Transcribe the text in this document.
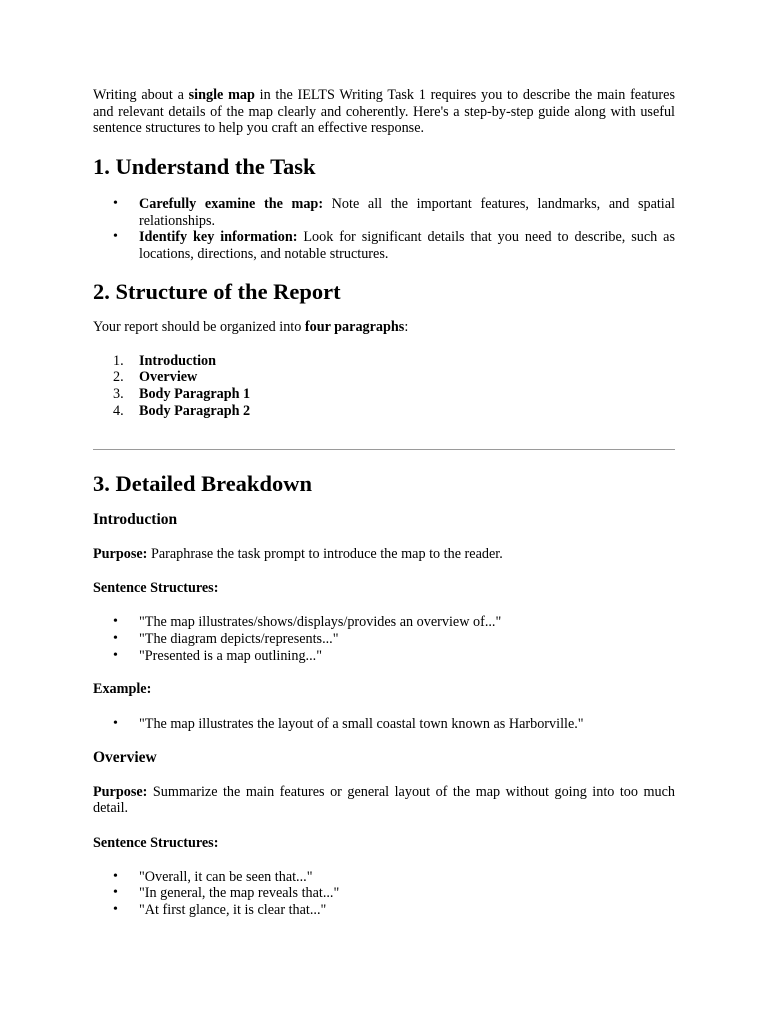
Writing about a single map in the IELTS Writing Task 1 requires you to describe the main features and relevant details of the map clearly and coherently. Here's a step-by-step guide along with useful sentence structures to help you craft an effective response.

1. Understand the Task
• Carefully examine the map: Note all the important features, landmarks, and spatial relationships.
• Identify key information: Look for significant details that you need to describe, such as locations, directions, and notable structures.
2. Structure of the Report

Your report should be organized into four paragraphs:

1. Introduction
2. Overview
3. Body Paragraph 1
4. Body Paragraph 2
3. Detailed Breakdown
Introduction

Purpose: Paraphrase the task prompt to introduce the map to the reader.

Sentence Structures:

• "The map illustrates/shows/displays/provides an overview of..."
• "The diagram depicts/represents..."
• "Presented is a map outlining..."

Example:

• "The map illustrates the layout of a small coastal town known as Harborville."
Overview

Purpose: Summarize the main features or general layout of the map without going into too much detail.

Sentence Structures:

• "Overall, it can be seen that..."
• "In general, the map reveals that..."
• "At first glance, it is clear that..."
